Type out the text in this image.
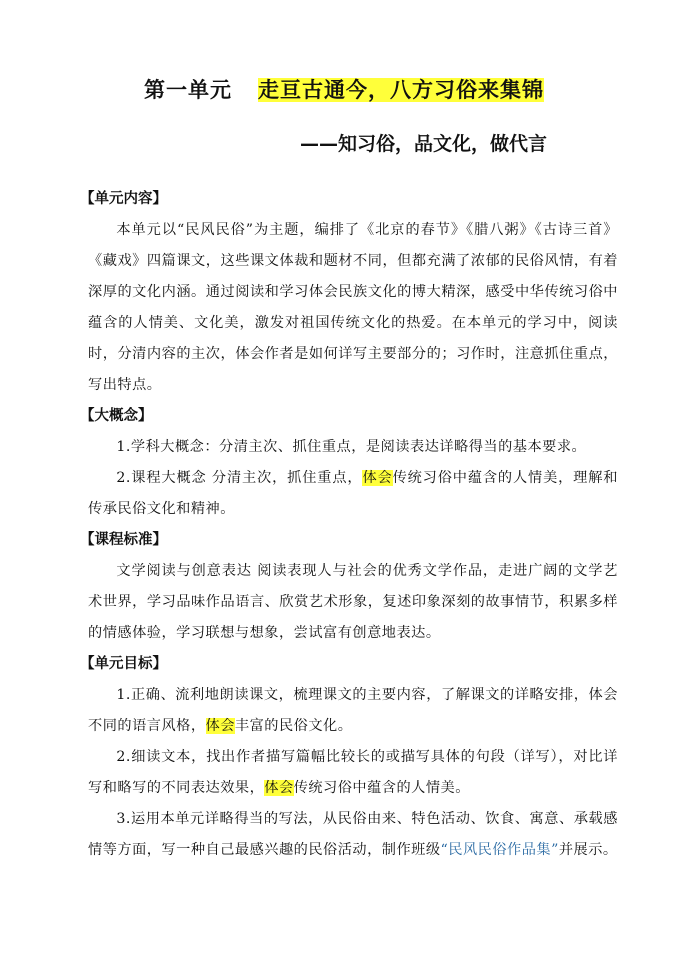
第一单元 走亘古通今，八方习俗来集锦
——知习俗，品文化，做代言
【单元内容】

本单元以“民风民俗”为主题，编排了《北京的春节》《腊八粥》《古诗三首》《藏戏》四篇课文，这些课文体裁和题材不同，但都充满了浓郁的民俗风情，有着深厚的文化内涵。通过阅读和学习体会民族文化的博大精深，感受中华传统习俗中蕴含的人情美、文化美，激发对祖国传统文化的热爱。在本单元的学习中，阅读时，分清内容的主次，体会作者是如何详写主要部分的；习作时，注意抓住重点，写出特点。

【大概念】

1.学科大概念：分清主次、抓住重点，是阅读表达详略得当的基本要求。

2.课程大概念 分清主次，抓住重点，体会传统习俗中蕴含的人情美，理解和传承民俗文化和精神。

【课程标准】

文学阅读与创意表达 阅读表现人与社会的优秀文学作品，走进广阔的文学艺术世界，学习品味作品语言、欣赏艺术形象，复述印象深刻的故事情节，积累多样的情感体验，学习联想与想象，尝试富有创意地表达。

【单元目标】

1.正确、流利地朗读课文，梳理课文的主要内容，了解课文的详略安排，体会不同的语言风格，体会丰富的民俗文化。

2.细读文本，找出作者描写篇幅比较长的或描写具体的句段（详写），对比详写和略写的不同表达效果，体会传统习俗中蕴含的人情美。

3.运用本单元详略得当的写法，从民俗由来、特色活动、饮食、寓意、承载感情等方面，写一种自己最感兴趣的民俗活动，制作班级“民风民俗作品集”并展示。
